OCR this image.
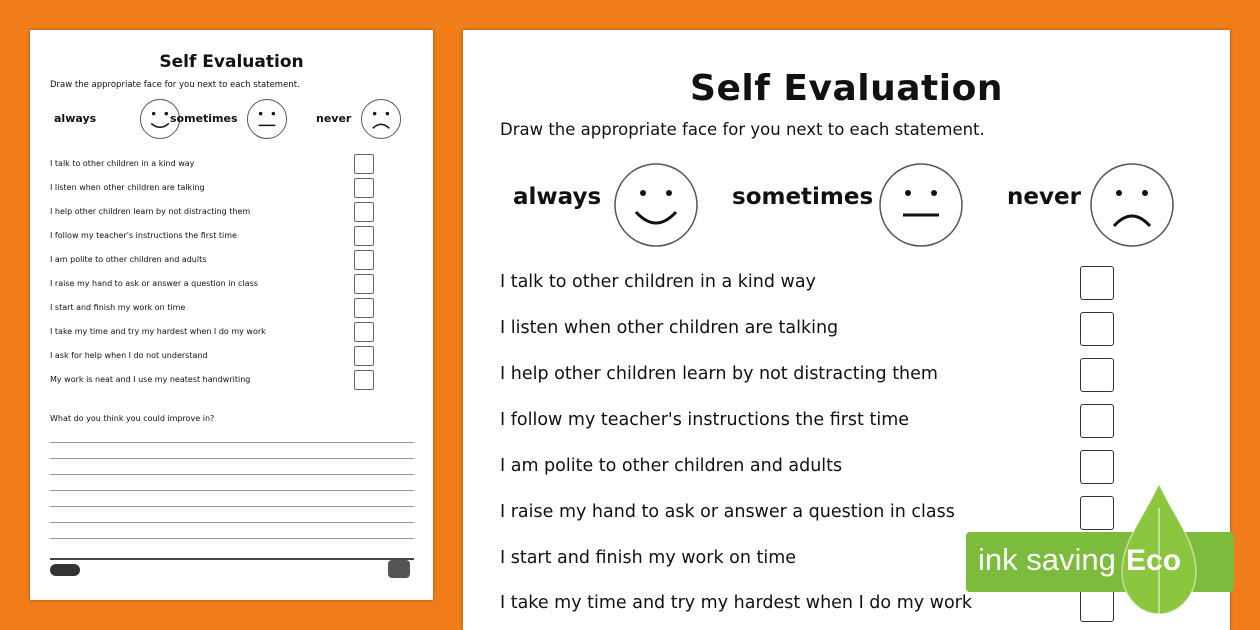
Self Evaluation
Draw the appropriate face for you next to each statement.
always	sometimes	never
I talk to other children in a kind way
I listen when other children are talking
I help other children learn by not distracting them
I follow my teacher's instructions the first time
I am polite to other children and adults
I raise my hand to ask or answer a question in class
I start and finish my work on time
I take my time and try my hardest when I do my work
I ask for help when I do not understand
My work is neat and I use my neatest handwriting
What do you think you could improve in?
Self Evaluation
Draw the appropriate face for you next to each statement.
always	sometimes	never
I talk to other children in a kind way
I listen when other children are talking
I help other children learn by not distracting them
I follow my teacher's instructions the first time
I am polite to other children and adults
I raise my hand to ask or answer a question in class
I start and finish my work on time
I take my time and try my hardest when I do my work
ink saving Eco
